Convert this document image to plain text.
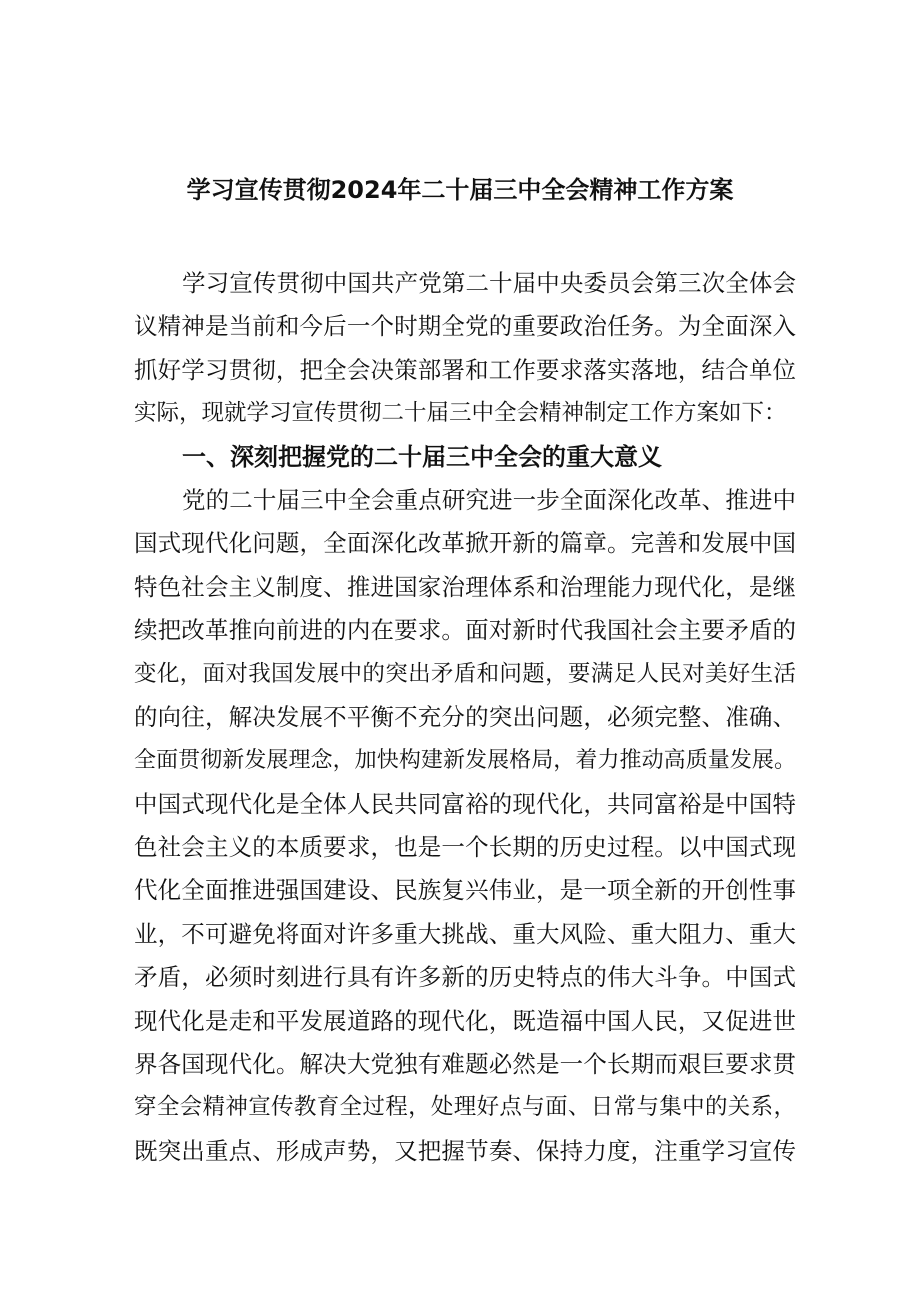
学习宣传贯彻2024年二十届三中全会精神工作方案
学习宣传贯彻中国共产党第二十届中央委员会第三次全体会
议精神是当前和今后一个时期全党的重要政治任务。为全面深入
抓好学习贯彻，把全会决策部署和工作要求落实落地，结合单位
实际，现就学习宣传贯彻二十届三中全会精神制定工作方案如下：
一、深刻把握党的二十届三中全会的重大意义
党的二十届三中全会重点研究进一步全面深化改革、推进中
国式现代化问题，全面深化改革掀开新的篇章。完善和发展中国
特色社会主义制度、推进国家治理体系和治理能力现代化，是继
续把改革推向前进的内在要求。面对新时代我国社会主要矛盾的
变化，面对我国发展中的突出矛盾和问题，要满足人民对美好生活
的向往，解决发展不平衡不充分的突出问题，必须完整、准确、
全面贯彻新发展理念，加快构建新发展格局，着力推动高质量发展。
中国式现代化是全体人民共同富裕的现代化，共同富裕是中国特
色社会主义的本质要求，也是一个长期的历史过程。以中国式现
代化全面推进强国建设、民族复兴伟业，是一项全新的开创性事
业，不可避免将面对许多重大挑战、重大风险、重大阻力、重大
矛盾，必须时刻进行具有许多新的历史特点的伟大斗争。中国式
现代化是走和平发展道路的现代化，既造福中国人民，又促进世
界各国现代化。解决大党独有难题必然是一个长期而艰巨要求贯
穿全会精神宣传教育全过程，处理好点与面、日常与集中的关系，
既突出重点、形成声势，又把握节奏、保持力度，注重学习宣传
